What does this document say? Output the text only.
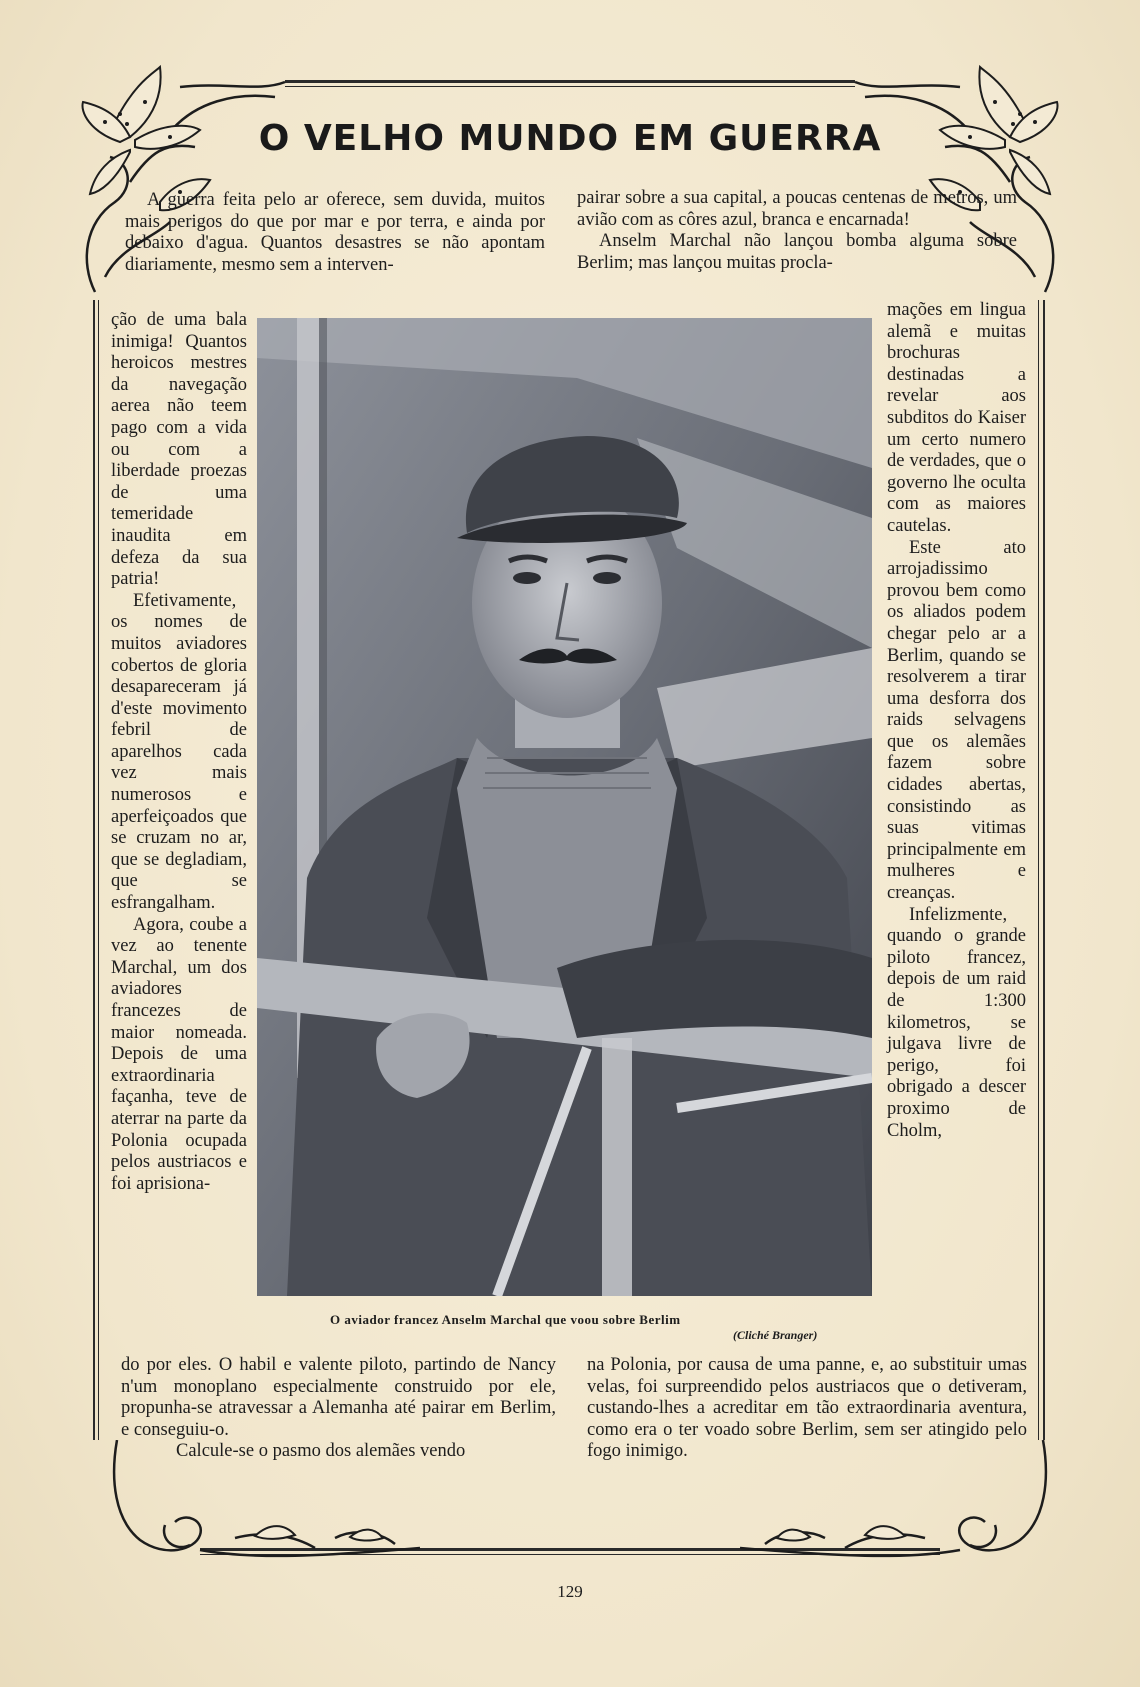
O VELHO MUNDO EM GUERRA

A guerra feita pelo ar oferece, sem duvida, muitos mais perigos do que por mar e por terra, e ainda por debaixo d'agua. Quantos desastres se não apontam diariamente, mesmo sem a interven-

pairar sobre a sua capital, a poucas centenas de metros, um avião com as côres azul, branca e encarnada!

Anselm Marchal não lançou bomba alguma sobre Berlim; mas lançou muitas procla-

ção de uma bala inimiga! Quantos heroicos mestres da navegação aerea não teem pago com a vida ou com a liberdade proezas de uma temeridade inaudita em defeza da sua patria!

Efetivamente, os nomes de muitos aviadores cobertos de gloria desapareceram já d'este movimento febril de aparelhos cada vez mais numerosos e aperfeiçoados que se cruzam no ar, que se degladiam, que se esfrangalham.

Agora, coube a vez ao tenente Marchal, um dos aviadores francezes de maior nomeada. Depois de uma extraordinaria façanha, teve de aterrar na parte da Polonia ocupada pelos austriacos e foi aprisiona-

mações em lingua alemã e muitas brochuras destinadas a revelar aos subditos do Kaiser um certo numero de verdades, que o governo lhe oculta com as maiores cautelas.

Este ato arrojadissimo provou bem como os aliados podem chegar pelo ar a Berlim, quando se resolverem a tirar uma desforra dos raids selvagens que os alemães fazem sobre cidades abertas, consistindo as suas vitimas principalmente em mulheres e creanças.

Infelizmente, quando o grande piloto francez, depois de um raid de 1:300 kilometros, se julgava livre de perigo, foi obrigado a descer proximo de Cholm,

O aviador francez Anselm Marchal que voou sobre Berlim
(Cliché Branger)

do por eles. O habil e valente piloto, partindo de Nancy n'um monoplano especialmente construido por ele, propunha-se atravessar a Alemanha até pairar em Berlim, e conseguiu-o.

Calcule-se o pasmo dos alemães vendo

na Polonia, por causa de uma panne, e, ao substituir umas velas, foi surpreendido pelos austriacos que o detiveram, custando-lhes a acreditar em tão extraordinaria aventura, como era o ter voado sobre Berlim, sem ser atingido pelo fogo inimigo.

129
